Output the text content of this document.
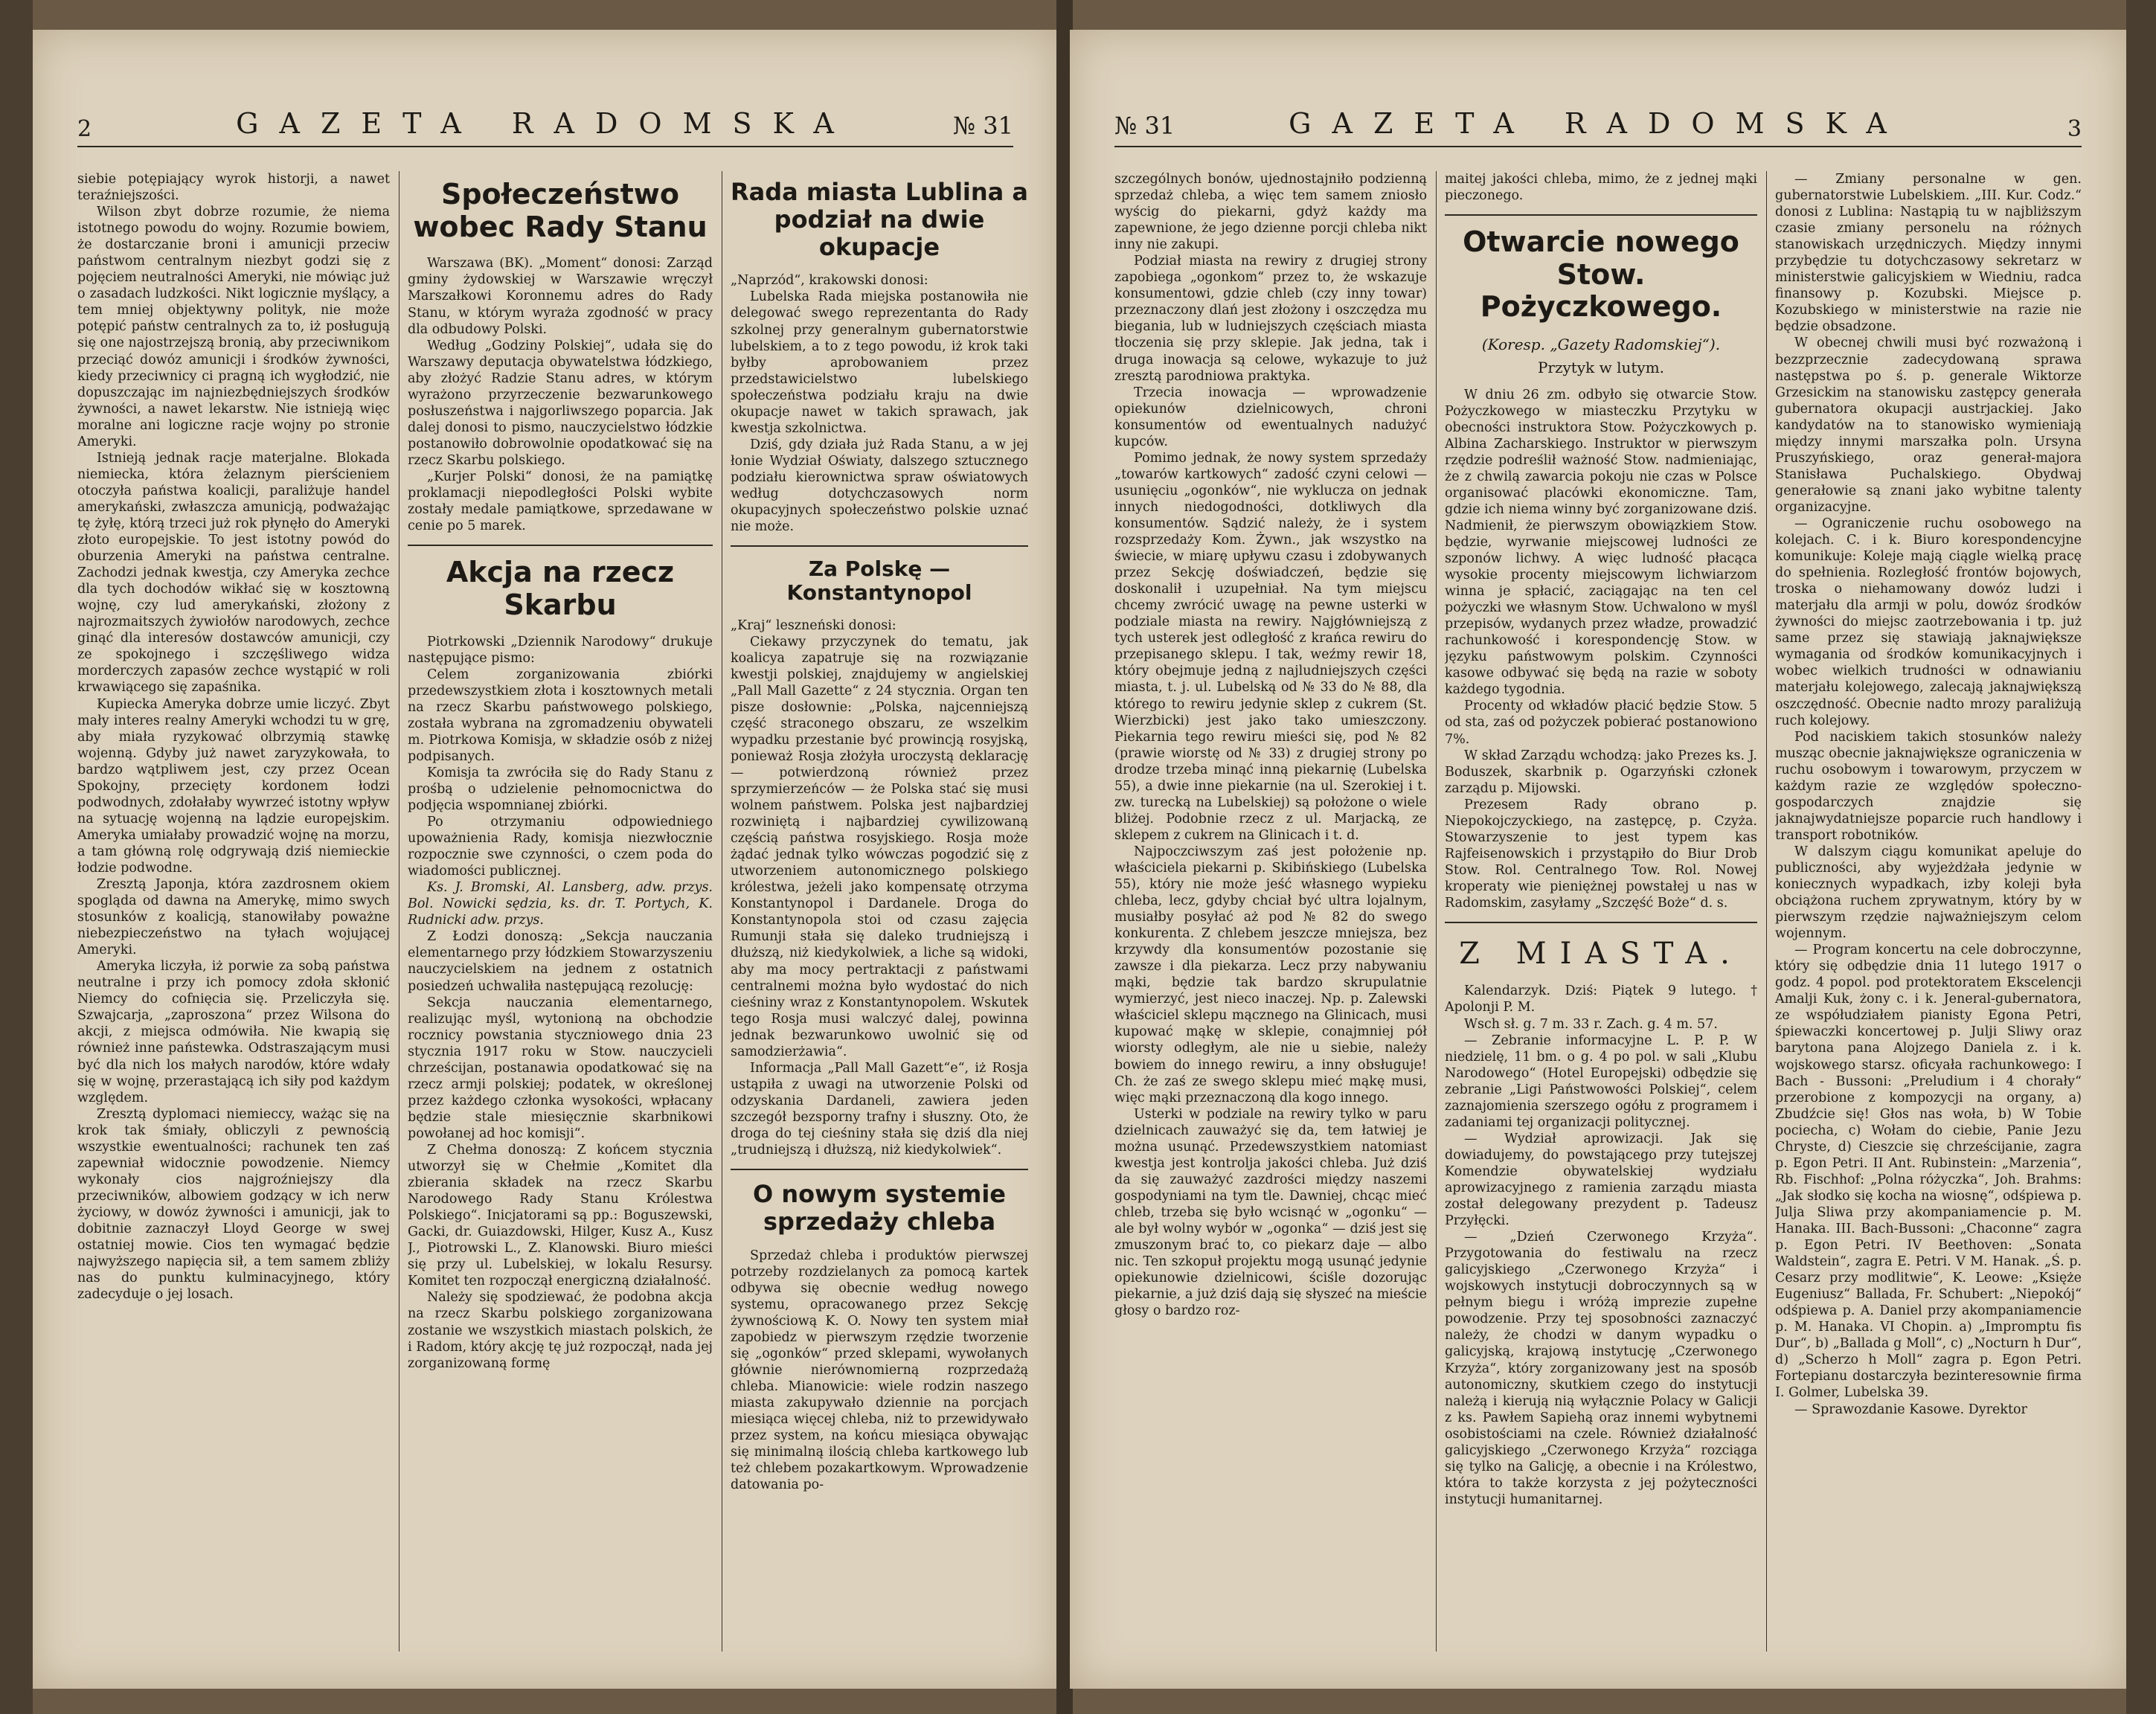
2	GAZETA RADOMSKA	№ 31

siebie potępiający wyrok historji, a nawet teraźniejszości.

Wilson zbyt dobrze rozumie, że niema istotnego powodu do wojny. Rozumie bowiem, że dostarczanie broni i amunicji przeciw państwom centralnym niezbyt godzi się z pojęciem neutralności Ameryki, nie mówiąc już o zasadach ludzkości. Nikt logicznie myślący, a tem mniej objektywny polityk, nie może potępić państw centralnych za to, iż posługują się one najostrzejszą bronią, aby przeciwnikom przeciąć dowóz amunicji i środków żywności, kiedy przeciwnicy ci pragną ich wygłodzić, nie dopuszczając im najniezbędniejszych środków żywności, a nawet lekarstw. Nie istnieją więc moralne ani logiczne racje wojny po stronie Ameryki.

Istnieją jednak racje materjalne. Blokada niemiecka, która żelaznym pierścieniem otoczyła państwa koalicji, paraliżuje handel amerykański, zwłaszcza amunicją, podważając tę żyłę, którą trzeci już rok płynęło do Ameryki złoto europejskie. To jest istotny powód do oburzenia Ameryki na państwa centralne. Zachodzi jednak kwestja, czy Ameryka zechce dla tych dochodów wikłać się w kosztowną wojnę, czy lud amerykański, złożony z najrozmaitszych żywiołów narodowych, zechce ginąć dla interesów dostawców amunicji, czy ze spokojnego i szczęśliwego widza morderczych zapasów zechce wystąpić w roli krwawiącego się zapaśnika.

Kupiecka Ameryka dobrze umie liczyć. Zbyt mały interes realny Ameryki wchodzi tu w grę, aby miała ryzykować olbrzymią stawkę wojenną. Gdyby już nawet zaryzykowała, to bardzo wątpliwem jest, czy przez Ocean Spokojny, przecięty kordonem łodzi podwodnych, zdołałaby wywrzeć istotny wpływ na sytuację wojenną na lądzie europejskim. Ameryka umiałaby prowadzić wojnę na morzu, a tam główną rolę odgrywają dziś niemieckie łodzie podwodne.

Zresztą Japonja, która zazdrosnem okiem spogląda od dawna na Amerykę, mimo swych stosunków z koalicją, stanowiłaby poważne niebezpieczeństwo na tyłach wojującej Ameryki.

Ameryka liczyła, iż porwie za sobą państwa neutralne i przy ich pomocy zdoła skłonić Niemcy do cofnięcia się. Przeliczyła się. Szwajcarja, „zaproszona“ przez Wilsona do akcji, z miejsca odmówiła. Nie kwapią się również inne państewka. Odstraszającym musi być dla nich los małych narodów, które wdały się w wojnę, przerastającą ich siły pod każdym względem.

Zresztą dyplomaci niemieccy, ważąc się na krok tak śmiały, obliczyli z pewnością wszystkie ewentualności; rachunek ten zaś zapewniał widocznie powodzenie. Niemcy wykonały cios najgroźniejszy dla przeciwników, albowiem godzący w ich nerw życiowy, w dowóz żywności i amunicji, jak to dobitnie zaznaczył Lloyd George w swej ostatniej mowie. Cios ten wymagać będzie najwyższego napięcia sił, a tem samem zbliży nas do punktu kulminacyjnego, który zadecyduje o jej losach.

Społeczeństwo wobec Rady Stanu

Warszawa (BK). „Moment“ donosi: Zarząd gminy żydowskiej w Warszawie wręczył Marszałkowi Koronnemu adres do Rady Stanu, w którym wyraża zgodność w pracy dla odbudowy Polski.

Według „Godziny Polskiej“, udała się do Warszawy deputacja obywatelstwa łódzkiego, aby złożyć Radzie Stanu adres, w którym wyrażono przyrzeczenie bezwarunkowego posłuszeństwa i najgorliwszego poparcia. Jak dalej donosi to pismo, nauczycielstwo łódzkie postanowiło dobrowolnie opodatkować się na rzecz Skarbu polskiego.

„Kurjer Polski“ donosi, że na pamiątkę proklamacji niepodległości Polski wybite zostały medale pamiątkowe, sprzedawane w cenie po 5 marek.

Akcja na rzecz Skarbu

Piotrkowski „Dziennik Narodowy“ drukuje następujące pismo:

Celem zorganizowania zbiórki przedewszystkiem złota i kosztownych metali na rzecz Skarbu państwowego polskiego, została wybrana na zgromadzeniu obywateli m. Piotrkowa Komisja, w składzie osób z niżej podpisanych.

Komisja ta zwróciła się do Rady Stanu z prośbą o udzielenie pełnomocnictwa do podjęcia wspomnianej zbiórki.

Po otrzymaniu odpowiedniego upoważnienia Rady, komisja niezwłocznie rozpocznie swe czynności, o czem poda do wiadomości publicznej.

Ks. J. Bromski, Al. Lansberg, adw. przys. Bol. Nowicki sędzia, ks. dr. T. Portych, K. Rudnicki adw. przys.

Z Łodzi donoszą: „Sekcja nauczania elementarnego przy łódzkiem Stowarzyszeniu nauczycielskiem na jednem z ostatnich posiedzeń uchwaliła następującą rezolucję:

Sekcja nauczania elementarnego, realizując myśl, wytonioną na obchodzie rocznicy powstania styczniowego dnia 23 stycznia 1917 roku w Stow. nauczycieli chrześcijan, postanawia opodatkować się na rzecz armji polskiej; podatek, w określonej przez każdego członka wysokości, wpłacany będzie stale miesięcznie skarbnikowi powołanej ad hoc komisji“.

Z Chełma donoszą: Z końcem stycznia utworzył się w Chełmie „Komitet dla zbierania składek na rzecz Skarbu Narodowego Rady Stanu Królestwa Polskiego“. Inicjatorami są pp.: Boguszewski, Gacki, dr. Guiazdowski, Hilger, Kusz A., Kusz J., Piotrowski L., Z. Klanowski. Biuro mieści się przy ul. Lubelskiej, w lokalu Resursy. Komitet ten rozpoczął energiczną działalność.

Należy się spodziewać, że podobna akcja na rzecz Skarbu polskiego zorganizowana zostanie we wszystkich miastach polskich, że i Radom, który akcję tę już rozpoczął, nada jej zorganizowaną formę

Rada miasta Lublina a podział na dwie okupacje

„Naprzód“, krakowski donosi:

Lubelska Rada miejska postanowiła nie delegować swego reprezentanta do Rady szkolnej przy generalnym gubernatorstwie lubelskiem, a to z tego powodu, iż krok taki byłby aprobowaniem przez przedstawicielstwo lubelskiego społeczeństwa podziału kraju na dwie okupacje nawet w takich sprawach, jak kwestja szkolnictwa.

Dziś, gdy działa już Rada Stanu, a w jej łonie Wydział Oświaty, dalszego sztucznego podziału kierownictwa spraw oświatowych według dotychczasowych norm okupacyjnych społeczeństwo polskie uznać nie może.

Za Polskę — Konstantynopol

„Kraj“ leszneński donosi:

Ciekawy przyczynek do tematu, jak koalicya zapatruje się na rozwiązanie kwestji polskiej, znajdujemy w angielskiej „Pall Mall Gazette“ z 24 stycznia. Organ ten pisze dosłownie: „Polska, najcenniejszą część straconego obszaru, ze wszelkim wypadku przestanie być prowincją rosyjską, ponieważ Rosja złożyła uroczystą deklarację — potwierdzoną również przez sprzymierzeńców — że Polska stać się musi wolnem państwem. Polska jest najbardziej rozwiniętą i najbardziej cywilizowaną częścią państwa rosyjskiego. Rosja może żądać jednak tylko wówczas pogodzić się z utworzeniem autonomicznego polskiego królestwa, jeżeli jako kompensatę otrzyma Konstantynopol i Dardanele. Droga do Konstantynopola stoi od czasu zajęcia Rumunji stała się daleko trudniejszą i dłuższą, niż kiedykolwiek, a liche są widoki, aby ma mocy pertraktacji z państwami centralnemi można było wydostać do nich cieśniny wraz z Konstantynopolem. Wskutek tego Rosja musi walczyć dalej, powinna jednak bezwarunkowo uwolnić się od samodzierżawia“.

Informacja „Pall Mall Gazett“e“, iż Rosja ustąpiła z uwagi na utworzenie Polski od odzyskania Dardaneli, zawiera jeden szczegół bezsporny trafny i słuszny. Oto, że droga do tej cieśniny stała się dziś dla niej „trudniejszą i dłuższą, niż kiedykolwiek“.

O nowym systemie sprzedaży chleba

Sprzedaż chleba i produktów pierwszej potrzeby rozdzielanych za pomocą kartek odbywa się obecnie według nowego systemu, opracowanego przez Sekcję żywnościową K. O. Nowy ten system miał zapobiedz w pierwszym rzędzie tworzenie się „ogonków“ przed sklepami, wywołanych głównie nierównomierną rozprzedażą chleba. Mianowicie: wiele rodzin naszego miasta zakupywało dziennie na porcjach miesiąca więcej chleba, niż to przewidywało przez system, na końcu miesiąca obywając się minimalną ilością chleba kartkowego lub też chlebem pozakartkowym. Wprowadzenie datowania po-

№ 31	GAZETA RADOMSKA	3

szczególnych bonów, ujednostajniło podzienną sprzedaż chleba, a więc tem samem zniosło wyścig do piekarni, gdyż każdy ma zapewnione, że jego dzienne porcji chleba nikt inny nie zakupi.

Podział miasta na rewiry z drugiej strony zapobiega „ogonkom“ przez to, że wskazuje konsumentowi, gdzie chleb (czy inny towar) przeznaczony dlań jest złożony i oszczędza mu biegania, lub w ludniejszych częściach miasta tłoczenia się przy sklepie. Jak jedna, tak i druga inowacja są celowe, wykazuje to już zresztą parodniowa praktyka.

Trzecia inowacja — wprowadzenie opiekunów dzielnicowych, chroni konsumentów od ewentualnych nadużyć kupców.

Pomimo jednak, że nowy system sprzedaży „towarów kartkowych“ zadość czyni celowi — usunięciu „ogonków“, nie wyklucza on jednak innych niedogodności, dotkliwych dla konsumentów. Sądzić należy, że i system rozsprzedaży Kom. Żywn., jak wszystko na świecie, w miarę upływu czasu i zdobywanych przez Sekcję doświadczeń, będzie się doskonalił i uzupełniał. Na tym miejscu chcemy zwrócić uwagę na pewne usterki w podziale miasta na rewiry. Najgłówniejszą z tych usterek jest odległość z krańca rewiru do przepisanego sklepu. I tak, weźmy rewir 18, który obejmuje jedną z najludniejszych części miasta, t. j. ul. Lubelską od № 33 do № 88, dla którego to rewiru jedynie sklep z cukrem (St. Wierzbicki) jest jako tako umieszczony. Piekarnia tego rewiru mieści się, pod № 82 (prawie wiorstę od № 33) z drugiej strony po drodze trzeba minąć inną piekarnię (Lubelska 55), a dwie inne piekarnie (na ul. Szerokiej i t. zw. turecką na Lubelskiej) są położone o wiele bliżej. Podobnie rzecz z ul. Marjacką, ze sklepem z cukrem na Glinicach i t. d.

Najpoczciwszym zaś jest położenie np. właściciela piekarni p. Skibińskiego (Lubelska 55), który nie może jeść własnego wypieku chleba, lecz, gdyby chciał być ultra lojalnym, musiałby posyłać aż pod № 82 do swego konkurenta. Z chlebem jeszcze mniejsza, bez krzywdy dla konsumentów pozostanie się zawsze i dla piekarza. Lecz przy nabywaniu mąki, będzie tak bardzo skrupulatnie wymierzyć, jest nieco inaczej. Np. p. Zalewski właściciel sklepu mącznego na Glinicach, musi kupować mąkę w sklepie, conajmniej pół wiorsty odległym, ale nie u siebie, należy bowiem do innego rewiru, a inny obsługuje! Ch. że zaś ze swego sklepu mieć mąkę musi, więc mąki przeznaczoną dla kogo innego.

Usterki w podziale na rewiry tylko w paru dzielnicach zauważyć się da, tem łatwiej je można usunąć. Przedewszystkiem natomiast kwestja jest kontrolja jakości chleba. Już dziś da się zauważyć zazdrości między naszemi gospodyniami na tym tle. Dawniej, chcąc mieć chleb, trzeba się było wcisnąć w „ogonku“ — ale był wolny wybór w „ogonka“ — dziś jest się zmuszonym brać to, co piekarz daje — albo nic. Ten szkopuł projektu mogą usunąć jedynie opiekunowie dzielnicowi, ściśle dozorując piekarnie, a już dziś dają się słyszeć na mieście głosy o bardzo roz-

maitej jakości chleba, mimo, że z jednej mąki pieczonego.

Otwarcie nowego Stow. Pożyczkowego.
(Koresp. „Gazety Radomskiej“).
Przytyk w lutym.

W dniu 26 zm. odbyło się otwarcie Stow. Pożyczkowego w miasteczku Przytyku w obecności instruktora Stow. Pożyczkowych p. Albina Zacharskiego. Instruktor w pierwszym rzędzie podreślił ważność Stow. nadmieniając, że z chwilą zawarcia pokoju nie czas w Polsce organisować placówki ekonomiczne. Tam, gdzie ich niema winny być zorganizowane dziś. Nadmienił, że pierwszym obowiązkiem Stow. będzie, wyrwanie miejscowej ludności ze szponów lichwy. A więc ludność płacąca wysokie procenty miejscowym lichwiarzom winna je spłacić, zaciągając na ten cel pożyczki we własnym Stow. Uchwalono w myśl przepisów, wydanych przez władze, prowadzić rachunkowość i korespondencję Stow. w języku państwowym polskim. Czynności kasowe odbywać się będą na razie w soboty każdego tygodnia.

Procenty od wkładów płacić będzie Stow. 5 od sta, zaś od pożyczek pobierać postanowiono 7%.

W skład Zarządu wchodzą: jako Prezes ks. J. Boduszek, skarbnik p. Ogarzyński członek zarządu p. Mijowski.

Prezesem Rady obrano p. Niepokojczyckiego, na zastępcę, p. Czyża. Stowarzyszenie to jest typem kas Rajfeisenowskich i przystąpiło do Biur Drob Stow. Rol. Centralnego Tow. Rol. Nowej kroperaty wie pieniężnej powstałej u nas w Radomskim, zasyłamy „Szczęść Boże“ d. s.

Z MIASTA.

Kalendarzyk. Dziś: Piątek 9 lutego. † Apolonji P. M.

Wsch sł. g. 7 m. 33 r. Zach. g. 4 m. 57.

— Zebranie informacyjne L. P. P. W niedzielę, 11 bm. o g. 4 po pol. w sali „Klubu Narodowego“ (Hotel Europejski) odbędzie się zebranie „Ligi Państwowości Polskiej“, celem zaznajomienia szerszego ogółu z programem i zadaniami tej organizacji politycznej.

— Wydział aprowizacji. Jak się dowiadujemy, do powstającego przy tutejszej Komendzie obywatelskiej wydziału aprowizacyjnego z ramienia zarządu miasta został delegowany prezydent p. Tadeusz Przyłęcki.

— „Dzień Czerwonego Krzyża“. Przygotowania do festiwalu na rzecz galicyjskiego „Czerwonego Krzyża“ i wojskowych instytucji dobroczynnych są w pełnym biegu i wróżą imprezie zupełne powodzenie. Przy tej sposobności zaznaczyć należy, że chodzi w danym wypadku o galicyjską, krajową instytucję „Czerwonego Krzyża“, który zorganizowany jest na sposób autonomiczny, skutkiem czego do instytucji należą i kierują nią wyłącznie Polacy w Galicji z ks. Pawłem Sapiehą oraz innemi wybytnemi osobistościami na czele. Również działalność galicyjskiego „Czerwonego Krzyża“ rozciąga się tylko na Galicję, a obecnie i na Królestwo, która to także korzysta z jej pożyteczności instytucji humanitarnej.

— Zmiany personalne w gen. gubernatorstwie Lubelskiem. „III. Kur. Codz.“ donosi z Lublina: Nastąpią tu w najbliższym czasie zmiany personelu na różnych stanowiskach urzędniczych. Między innymi przybędzie tu dotychczasowy sekretarz w ministerstwie galicyjskiem w Wiedniu, radca finansowy p. Kozubski. Miejsce p. Kozubskiego w ministerstwie na razie nie będzie obsadzone.

W obecnej chwili musi być rozważoną i bezzprzecznie zadecydowaną sprawa następstwa po ś. p. generale Wiktorze Grzesickim na stanowisku zastępcy generała gubernatora okupacji austrjackiej. Jako kandydatów na to stanowisko wymieniają między innymi marszałka poln. Ursyna Pruszyńskiego, oraz generał-majora Stanisława Puchalskiego. Obydwaj generałowie są znani jako wybitne talenty organizacyjne.

— Ograniczenie ruchu osobowego na kolejach. C. i k. Biuro korespondencyjne komunikuje: Koleje mają ciągle wielką pracę do spełnienia. Rozległość frontów bojowych, troska o niehamowany dowóz ludzi i materjału dla armji w polu, dowóz środków żywności do miejsc zaotrzebowania i tp. już same przez się stawiają jaknajwiększe wymagania od środków komunikacyjnych i wobec wielkich trudności w odnawianiu materjału kolejowego, zalecają jaknajwiększą oszczędność. Obecnie nadto mrozy paraliżują ruch kolejowy.

Pod naciskiem takich stosunków należy musząc obecnie jaknajwiększe ograniczenia w ruchu osobowym i towarowym, przyczem w każdym razie ze względów społeczno-gospodarczych znajdzie się jaknajwydatniejsze poparcie ruch handlowy i transport robotników.

W dalszym ciągu komunikat apeluje do publiczności, aby wyjeżdżała jedynie w koniecznych wypadkach, izby koleji była obciążona ruchem zprywatnym, który by w pierwszym rzędzie najważniejszym celom wojennym.

— Program koncertu na cele dobroczynne, który się odbędzie dnia 11 lutego 1917 o godz. 4 popol. pod protektoratem Ekscelencji Amalji Kuk, żony c. i k. Jeneral-gubernatora, ze współudziałem pianisty Egona Petri, śpiewaczki koncertowej p. Julji Sliwy oraz barytona pana Alojzego Daniela z. i k. wojskowego starsz. oficyała rachunkowego: I Bach - Bussoni: „Preludium i 4 chorały“ przerobione z kompozycji na organy, a) Zbudźcie się! Głos nas woła, b) W Tobie pociecha, c) Wołam do ciebie, Panie Jezu Chryste, d) Cieszcie się chrześcijanie, zagra p. Egon Petri. II Ant. Rubinstein: „Marzenia“, Rb. Fischhof: „Polna różyczka“, Joh. Brahms: „Jak słodko się kocha na wiosnę“, odśpiewa p. Julja Sliwa przy akompaniamencie p. M. Hanaka. III. Bach-Bussoni: „Chaconne“ zagra p. Egon Petri. IV Beethoven: „Sonata Waldstein“, zagra E. Petri. V M. Hanak. „Ś. p. Cesarz przy modlitwie“, K. Leowe: „Księże Eugeniusz“ Ballada, Fr. Schubert: „Niepokój“ odśpiewa p. A. Daniel przy akompaniamencie p. M. Hanaka. VI Chopin. a) „Impromptu fis Dur“, b) „Ballada g Moll“, c) „Nocturn h Dur“, d) „Scherzo h Moll“ zagra p. Egon Petri. Fortepianu dostarczyła bezinteresownie firma I. Golmer, Lubelska 39.

— Sprawozdanie Kasowe. Dyrektor
